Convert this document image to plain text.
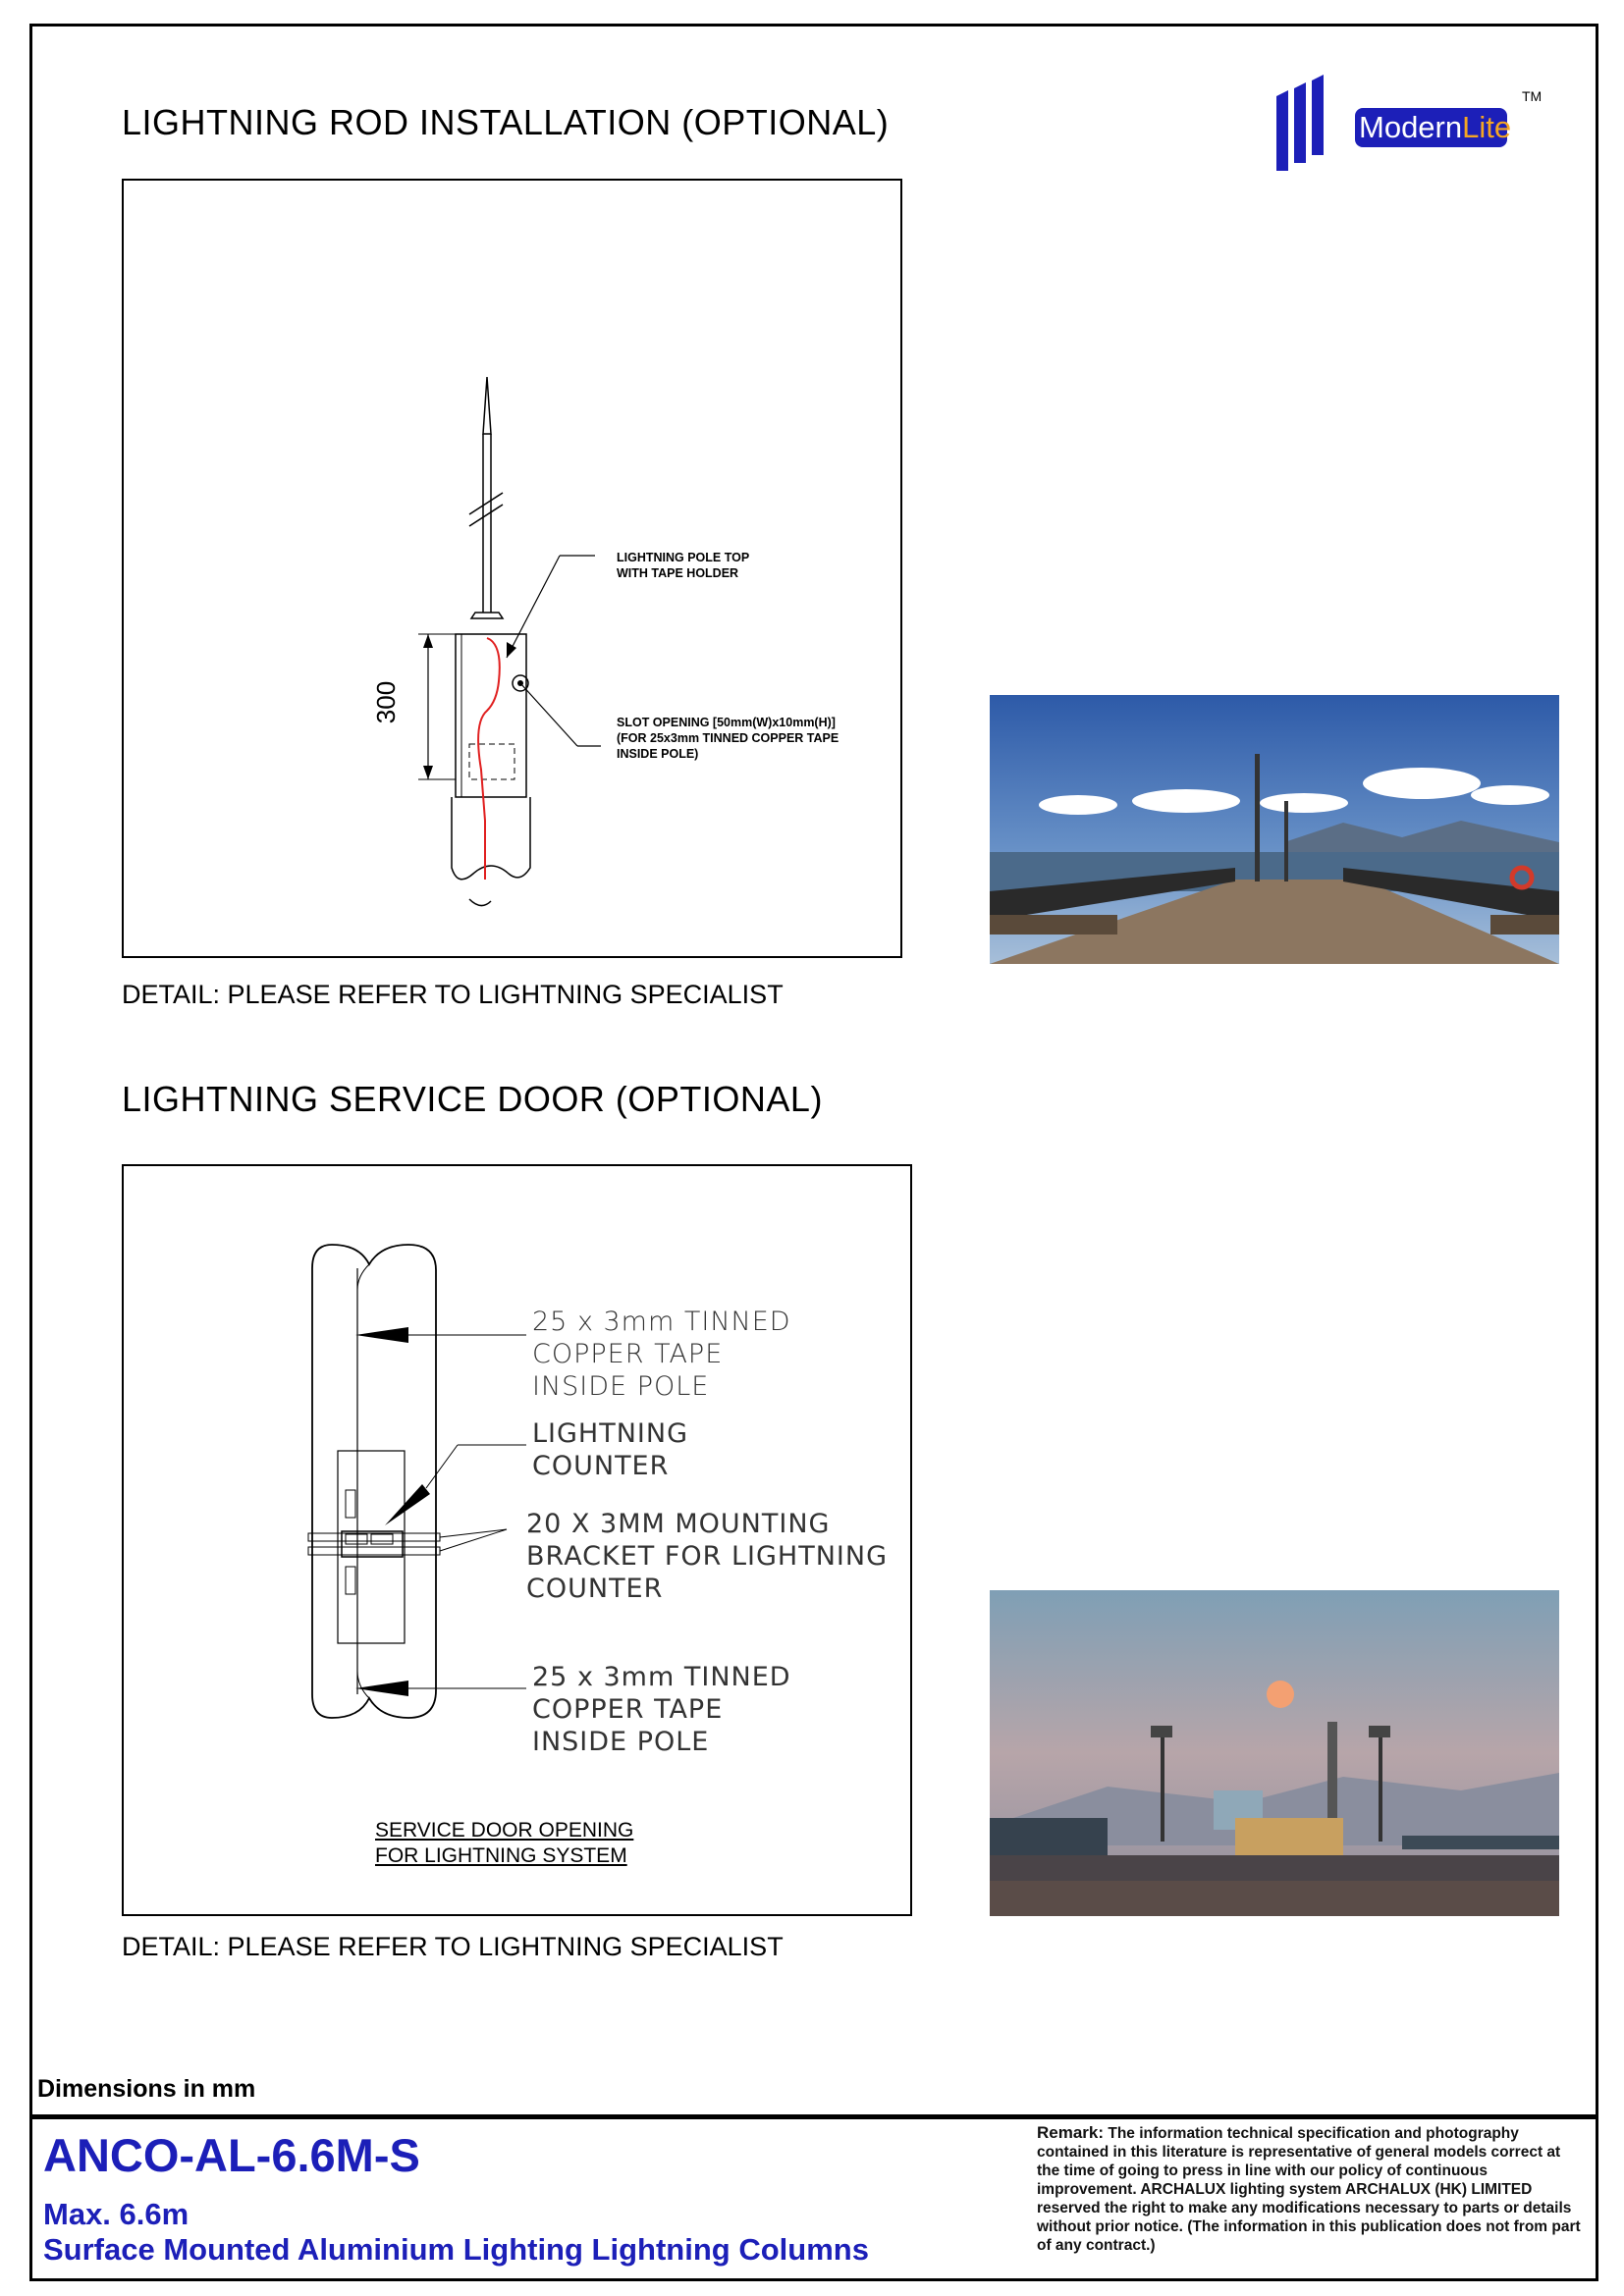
ModernLite
TM
LIGHTNING ROD INSTALLATION (OPTIONAL)
300
LIGHTNING POLE TOP
WITH TAPE HOLDER
SLOT OPENING [50mm(W)x10mm(H)]
(FOR 25x3mm TINNED COPPER TAPE
INSIDE POLE)
DETAIL: PLEASE REFER TO LIGHTNING SPECIALIST
LIGHTNING SERVICE DOOR (OPTIONAL)
25 x 3mm TINNED
COPPER TAPE
INSIDE POLE
LIGHTNING
COUNTER
20 X 3MM MOUNTING
BRACKET FOR LIGHTNING
COUNTER
25 x 3mm TINNED
COPPER TAPE
INSIDE POLE
SERVICE DOOR OPENING
FOR LIGHTNING SYSTEM
DETAIL: PLEASE REFER TO LIGHTNING SPECIALIST
Dimensions in mm
ANCO-AL-6.6M-S
Max. 6.6m
Surface Mounted Aluminium Lighting Lightning Columns
Remark: The information technical specification and photography contained in this literature is representative of general models correct at the time of going to press in line with our policy of continuous improvement. ARCHALUX lighting system ARCHALUX (HK) LIMITED reserved the right to make any modifications necessary to parts or details without prior notice. (The information in this publication does not from part of any contract.)
